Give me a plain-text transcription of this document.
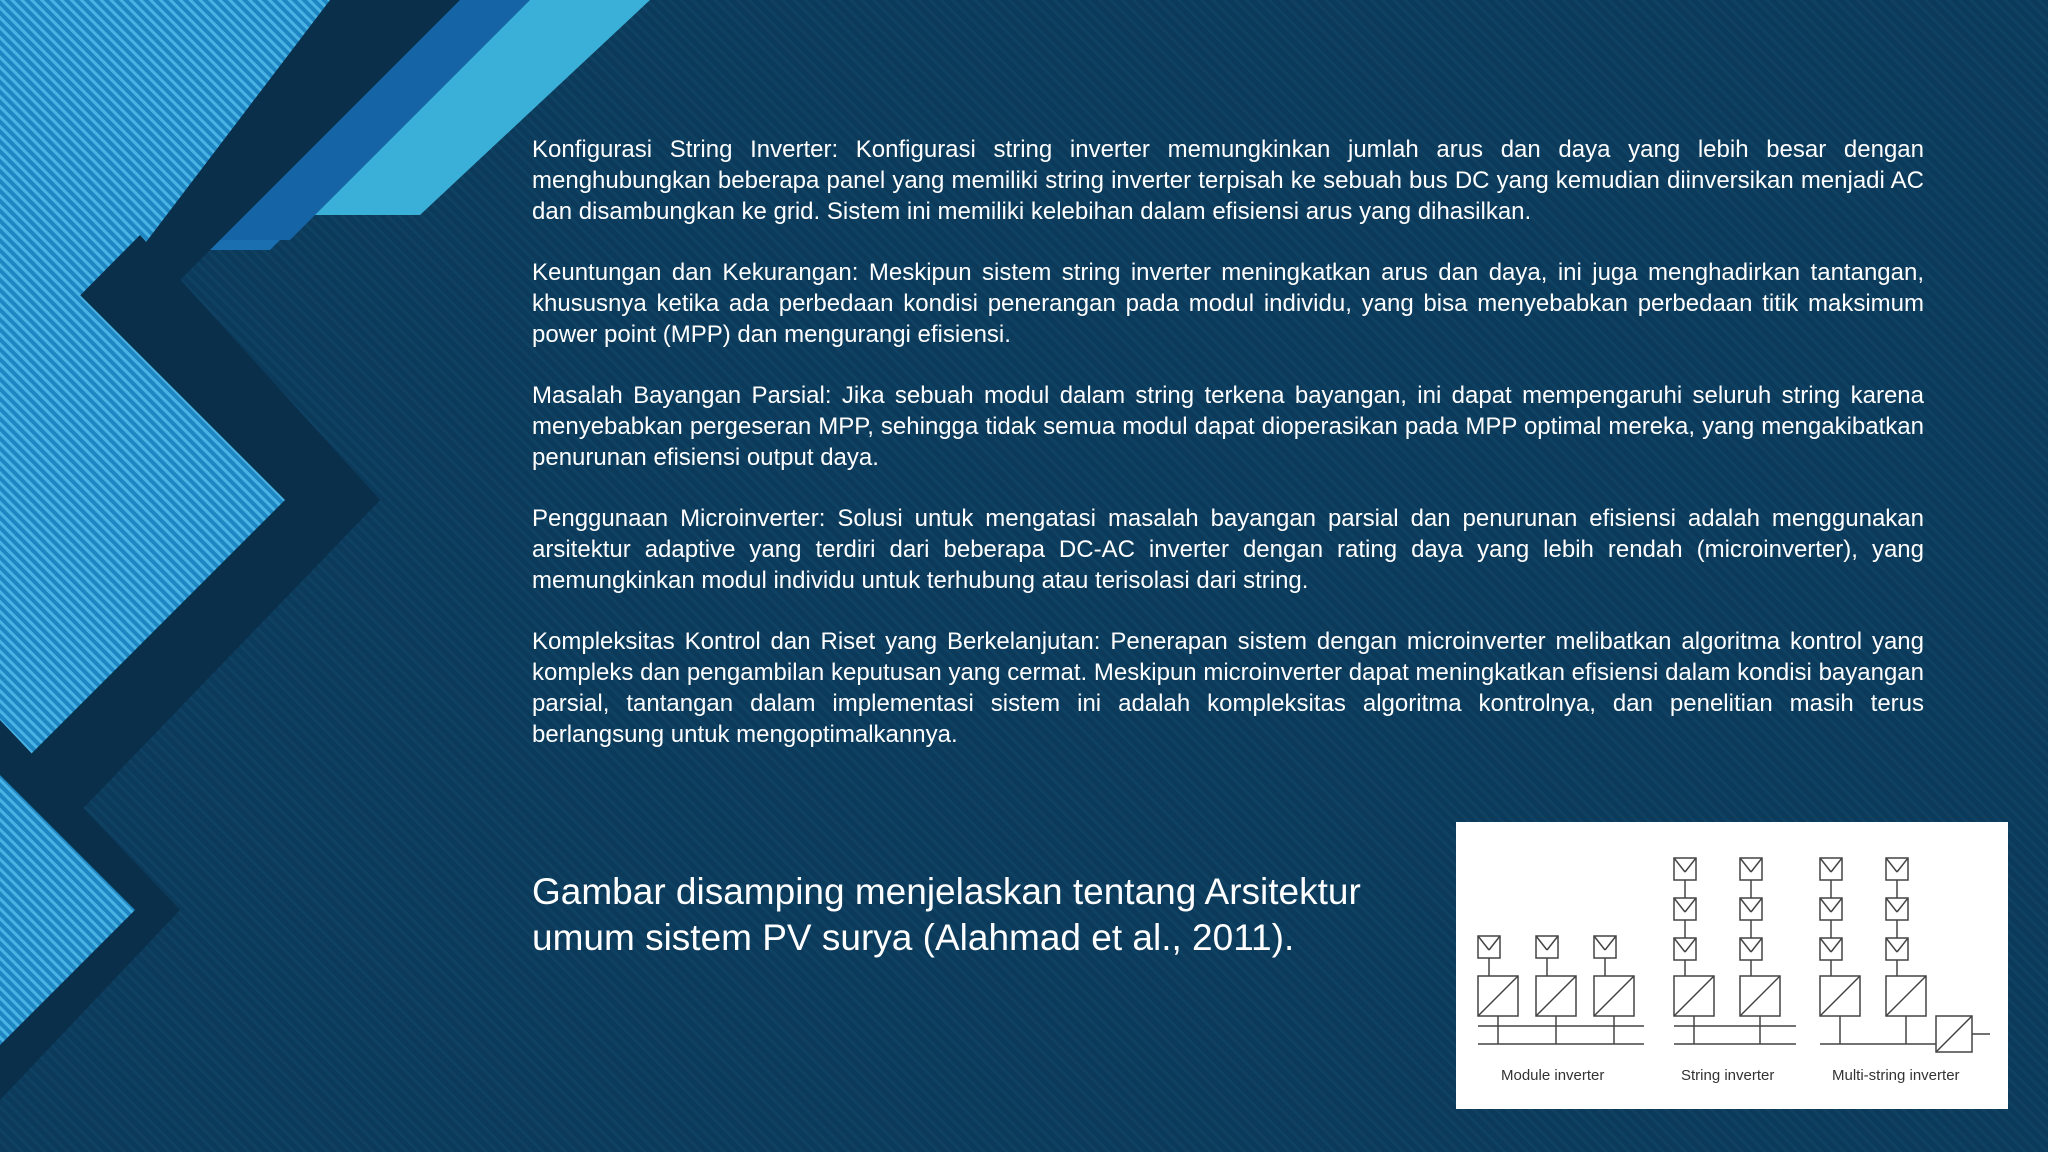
Konfigurasi String Inverter: Konfigurasi string inverter memungkinkan jumlah arus dan daya yang lebih besar dengan menghubungkan beberapa panel yang memiliki string inverter terpisah ke sebuah bus DC yang kemudian diinversikan menjadi AC dan disambungkan ke grid. Sistem ini memiliki kelebihan dalam efisiensi arus yang dihasilkan.

Keuntungan dan Kekurangan: Meskipun sistem string inverter meningkatkan arus dan daya, ini juga menghadirkan tantangan, khususnya ketika ada perbedaan kondisi penerangan pada modul individu, yang bisa menyebabkan perbedaan titik maksimum power point (MPP) dan mengurangi efisiensi.

Masalah Bayangan Parsial: Jika sebuah modul dalam string terkena bayangan, ini dapat mempengaruhi seluruh string karena menyebabkan pergeseran MPP, sehingga tidak semua modul dapat dioperasikan pada MPP optimal mereka, yang mengakibatkan penurunan efisiensi output daya.

Penggunaan Microinverter: Solusi untuk mengatasi masalah bayangan parsial dan penurunan efisiensi adalah menggunakan arsitektur adaptive yang terdiri dari beberapa DC-AC inverter dengan rating daya yang lebih rendah (microinverter), yang memungkinkan modul individu untuk terhubung atau terisolasi dari string.

Kompleksitas Kontrol dan Riset yang Berkelanjutan: Penerapan sistem dengan microinverter melibatkan algoritma kontrol yang kompleks dan pengambilan keputusan yang cermat. Meskipun microinverter dapat meningkatkan efisiensi dalam kondisi bayangan parsial, tantangan dalam implementasi sistem ini adalah kompleksitas algoritma kontrolnya, dan penelitian masih terus berlangsung untuk mengoptimalkannya.

Gambar disamping menjelaskan tentang Arsitektur umum sistem PV surya (Alahmad et al., 2011).
Module inverter	String inverter	Multi-string inverter
